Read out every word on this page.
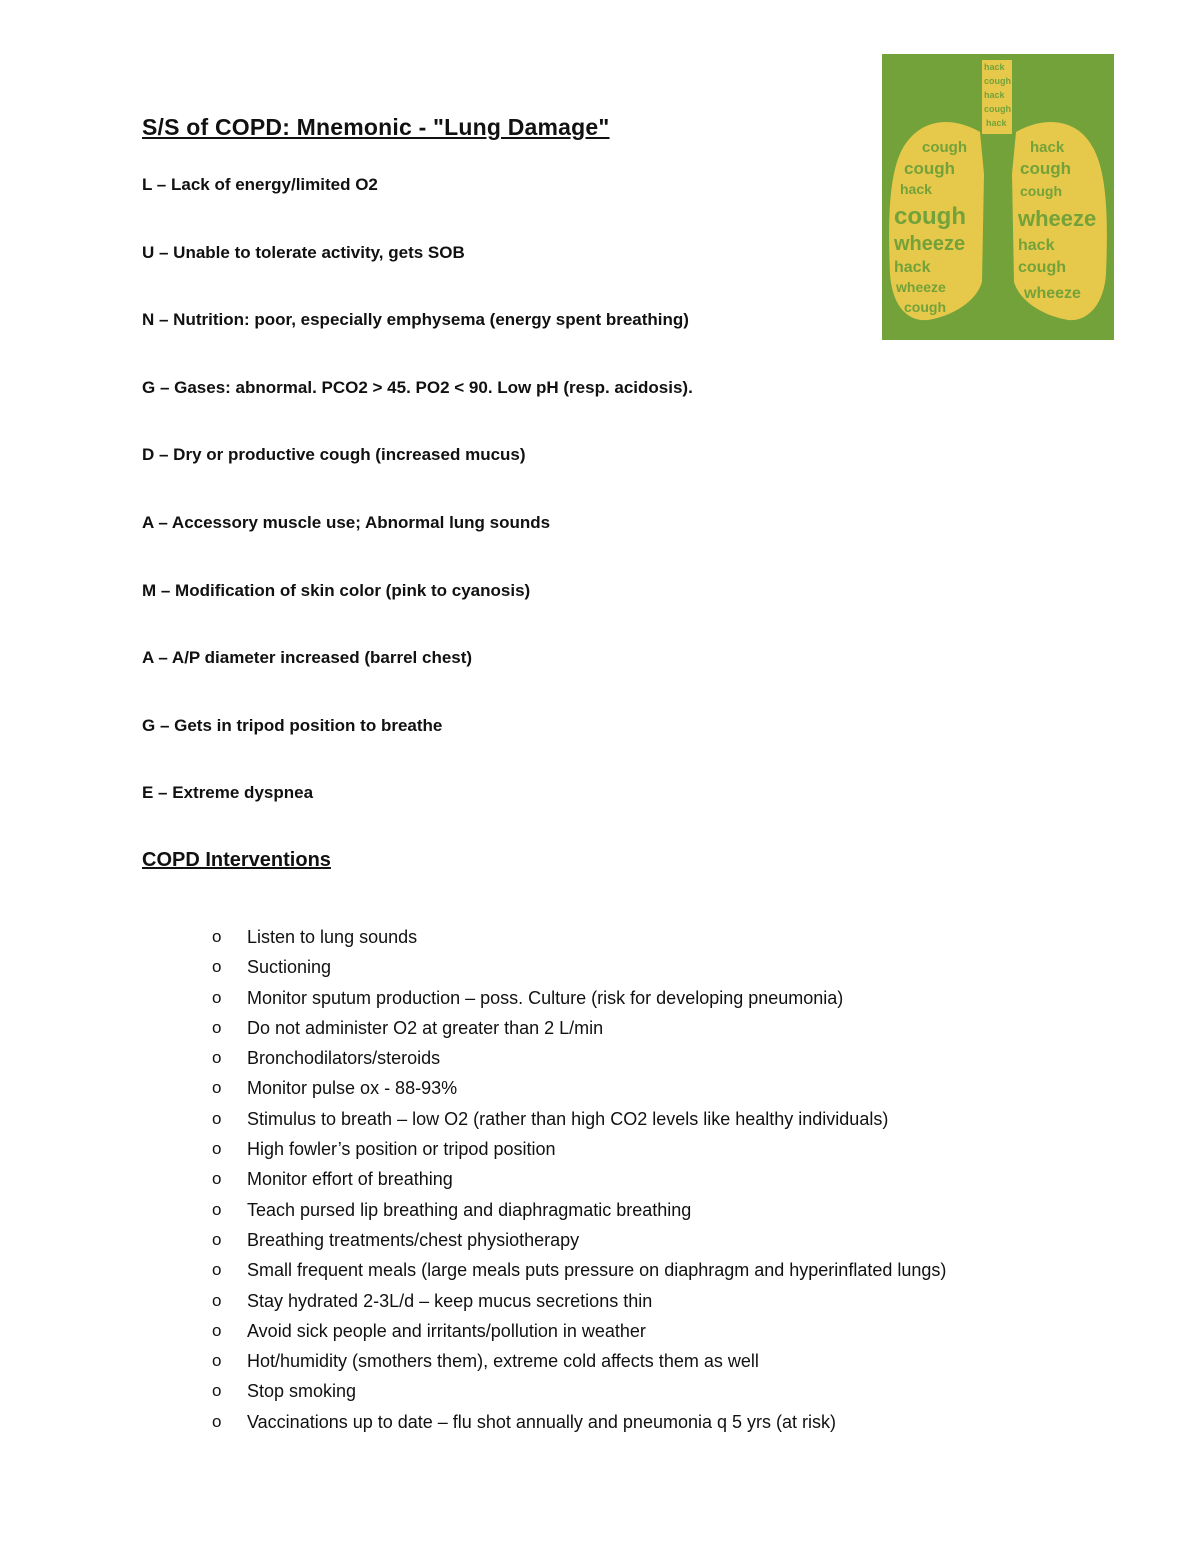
S/S of COPD: Mnemonic - "Lung Damage"
L – Lack of energy/limited O2
U – Unable to tolerate activity, gets SOB
N – Nutrition: poor, especially emphysema (energy spent breathing)
G – Gases: abnormal. PCO2 > 45. PO2 < 90. Low pH (resp. acidosis).
D – Dry or productive cough (increased mucus)
A – Accessory muscle use; Abnormal lung sounds
M – Modification of skin color (pink to cyanosis)
A – A/P diameter increased (barrel chest)
G – Gets in tripod position to breathe
E – Extreme dyspnea
COPD Interventions
o Listen to lung sounds
o Suctioning
o Monitor sputum production – poss. Culture (risk for developing pneumonia)
o Do not administer O2 at greater than 2 L/min
o Bronchodilators/steroids
o Monitor pulse ox - 88-93%
o Stimulus to breath – low O2 (rather than high CO2 levels like healthy individuals)
o High fowler’s position or tripod position
o Monitor effort of breathing
o Teach pursed lip breathing and diaphragmatic breathing
o Breathing treatments/chest physiotherapy
o Small frequent meals (large meals puts pressure on diaphragm and hyperinflated lungs)
o Stay hydrated 2-3L/d – keep mucus secretions thin
o Avoid sick people and irritants/pollution in weather
o Hot/humidity (smothers them), extreme cold affects them as well
o Stop smoking
o Vaccinations up to date – flu shot annually and pneumonia q 5 yrs (at risk)
hack
cough
hack
cough
hack
cough
cough
hack
cough
wheeze
hack
wheeze
cough
hack
cough
cough
wheeze
hack
cough
wheeze
